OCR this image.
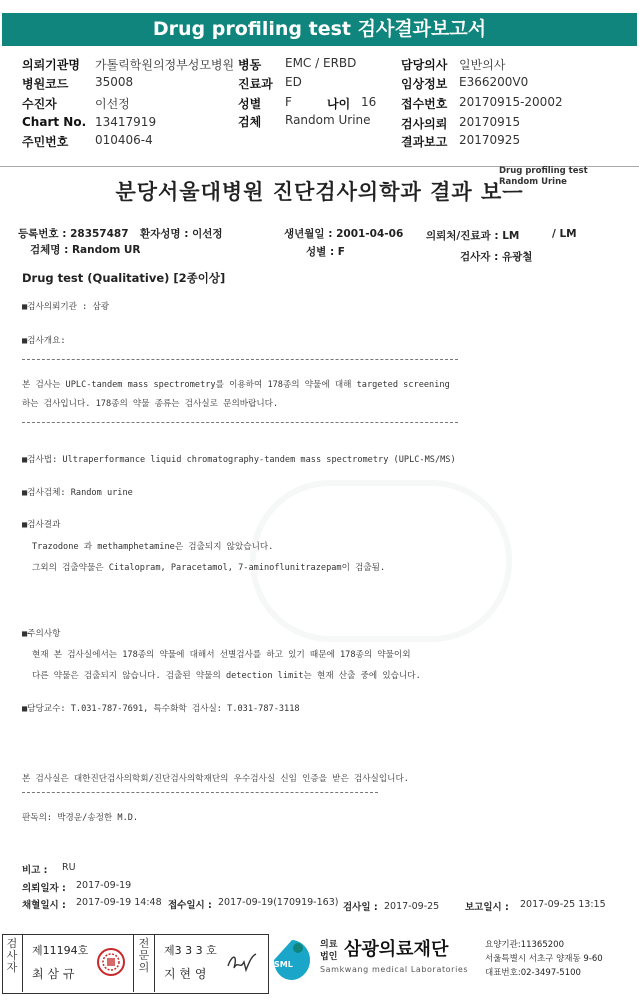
Drug profiling test 검사결과보고서
의뢰기관명 가톨릭학원의정부성모병원 병동 EMC / ERBD	담당의사 일반의사
병원코드 35008	진료과 ED	임상정보 E366200V0
수진자	이선정	성별 F	나이 16 접수번호 20170915-20002
Chart No. 13417919	검체 Random Urine	검사의뢰 20170915
주민번호 010406-4	결과보고 20170925
Drug profiling test
Random Urine
분당서울대병원 진단검사의학과 결과 보ᅳ
등록번호 : 28357487 환자성명 : 이선정	생년월일 : 2001-04-06 의뢰처/진료과 : LM	/ LM
검체명 : Random UR	성별 : F	검사자 : 유광철
Drug test (Qualitative) [2종이상]
■검사의뢰기관 : 삼광
■검사개요:
본 검사는 UPLC-tandem mass spectrometry를 이용하여 178종의 약물에 대해 targeted screening
하는 검사입니다. 178종의 약물 종류는 검사실로 문의바랍니다.
■검사법: Ultraperformance liquid chromatography-tandem mass spectrometry (UPLC-MS/MS)
■검사검체: Random urine
■검사결과
Trazodone 과 methamphetamine은 검출되지 않았습니다.
그외의 검출약물은 Citalopram, Paracetamol, 7-aminoflunitrazepam이 검출됨.
■주의사항
현재 본 검사실에서는 178종의 약물에 대해서 선별검사를 하고 있기 때문에 178종의 약물이외
다른 약물은 검출되지 않습니다. 검출된 약물의 detection limit는 현재 산출 중에 있습니다.
■담당교수: T.031-787-7691, 특수화학 검사실: T.031-787-3118
본 검사실은 대한진단검사의학회/진단검사의학재단의 우수검사실 신임 인증을 받은 검사실입니다.
판독의: 박경운/송정한 M.D.
비고 : RU
의뢰일자 : 2017-09-19
채혈일시 : 2017-09-19 14:48 접수일시 : 2017-09-19(170919-163) 검사일 : 2017-09-25	보고일시 : 2017-09-25 13:15
검
사
자
제11194호
최 삼 규
전
문
의
제3 3 3 호
지 현 영
SML
의료
법인 삼광의료재단
Samkwang medical Laboratories
요양기관:11365200
서울특별시 서초구 양재동 9-60
대표번호:02-3497-5100
